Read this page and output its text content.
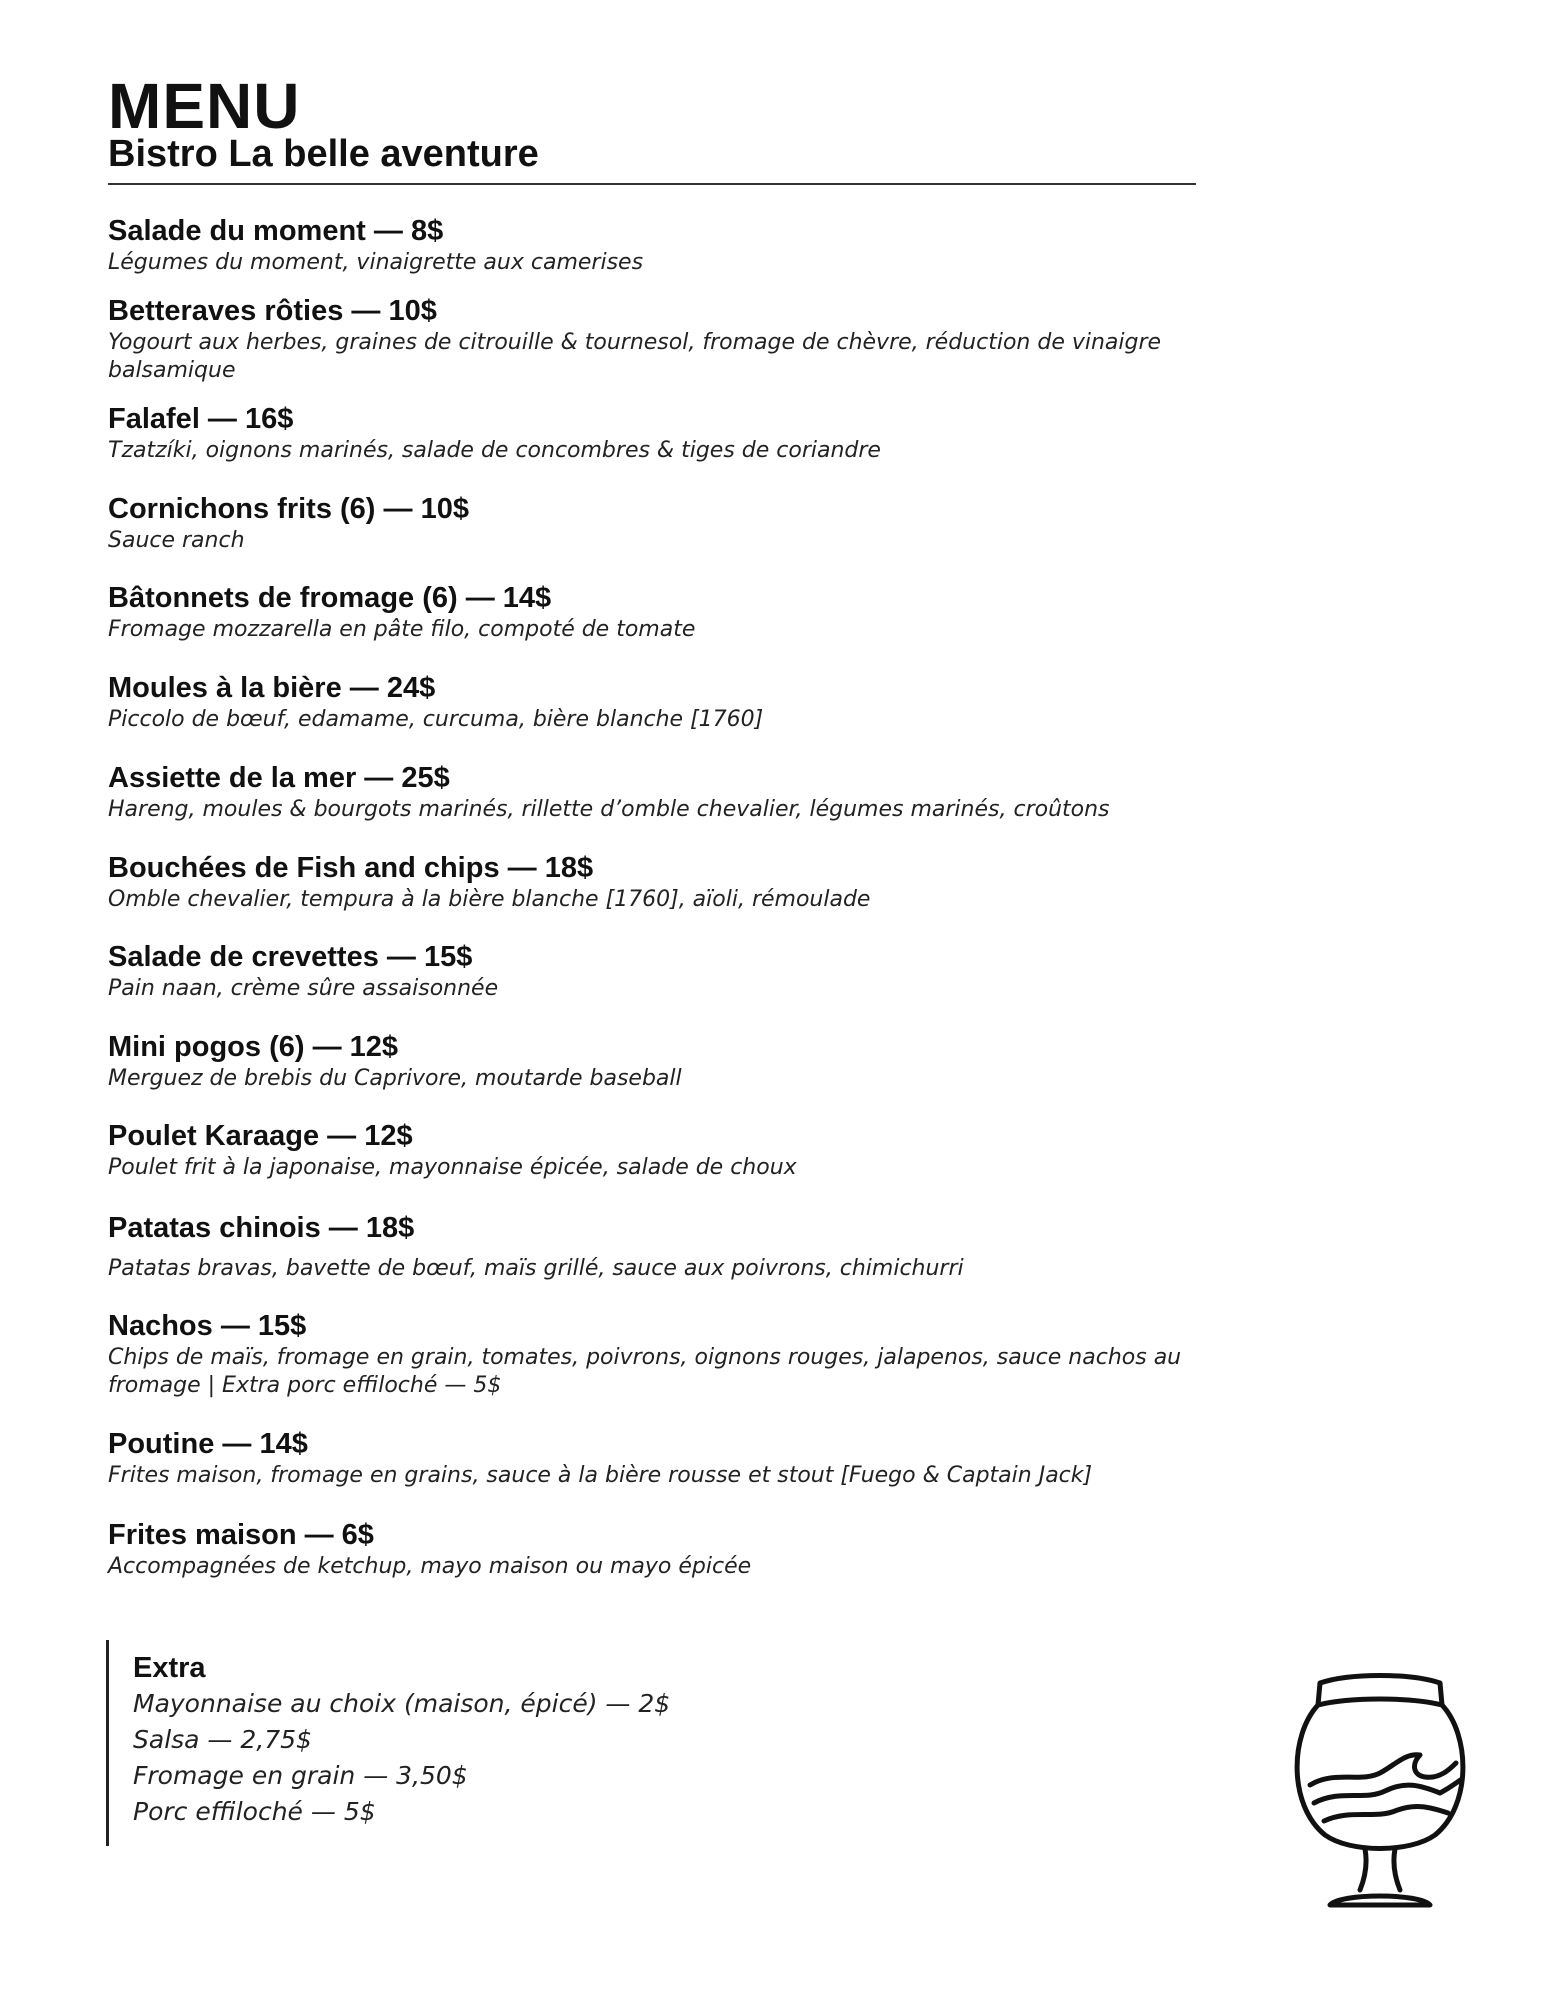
MENU
Bistro La belle aventure
Salade du moment — 8$
Légumes du moment, vinaigrette aux camerises
Betteraves rôties — 10$
Yogourt aux herbes, graines de citrouille & tournesol, fromage de chèvre, réduction de vinaigre balsamique
Falafel — 16$
Tzatzíki, oignons marinés, salade de concombres & tiges de coriandre
Cornichons frits (6) — 10$
Sauce ranch
Bâtonnets de fromage (6) — 14$
Fromage mozzarella en pâte filo, compoté de tomate
Moules à la bière — 24$
Piccolo de bœuf, edamame, curcuma, bière blanche [1760]
Assiette de la mer — 25$
Hareng, moules & bourgots marinés, rillette d’omble chevalier, légumes marinés, croûtons
Bouchées de Fish and chips — 18$
Omble chevalier, tempura à la bière blanche [1760], aïoli, rémoulade
Salade de crevettes — 15$
Pain naan, crème sûre assaisonnée
Mini pogos (6) — 12$
Merguez de brebis du Caprivore, moutarde baseball
Poulet Karaage — 12$
Poulet frit à la japonaise, mayonnaise épicée, salade de choux
Patatas chinois — 18$
Patatas bravas, bavette de bœuf, maïs grillé, sauce aux poivrons, chimichurri
Nachos — 15$
Chips de maïs, fromage en grain, tomates, poivrons, oignons rouges, jalapenos, sauce nachos au fromage | Extra porc effiloché — 5$
Poutine — 14$
Frites maison, fromage en grains, sauce à la bière rousse et stout [Fuego & Captain Jack]
Frites maison — 6$
Accompagnées de ketchup, mayo maison ou mayo épicée
Extra
Mayonnaise au choix (maison, épicé) — 2$
Salsa — 2,75$
Fromage en grain — 3,50$
Porc effiloché — 5$
